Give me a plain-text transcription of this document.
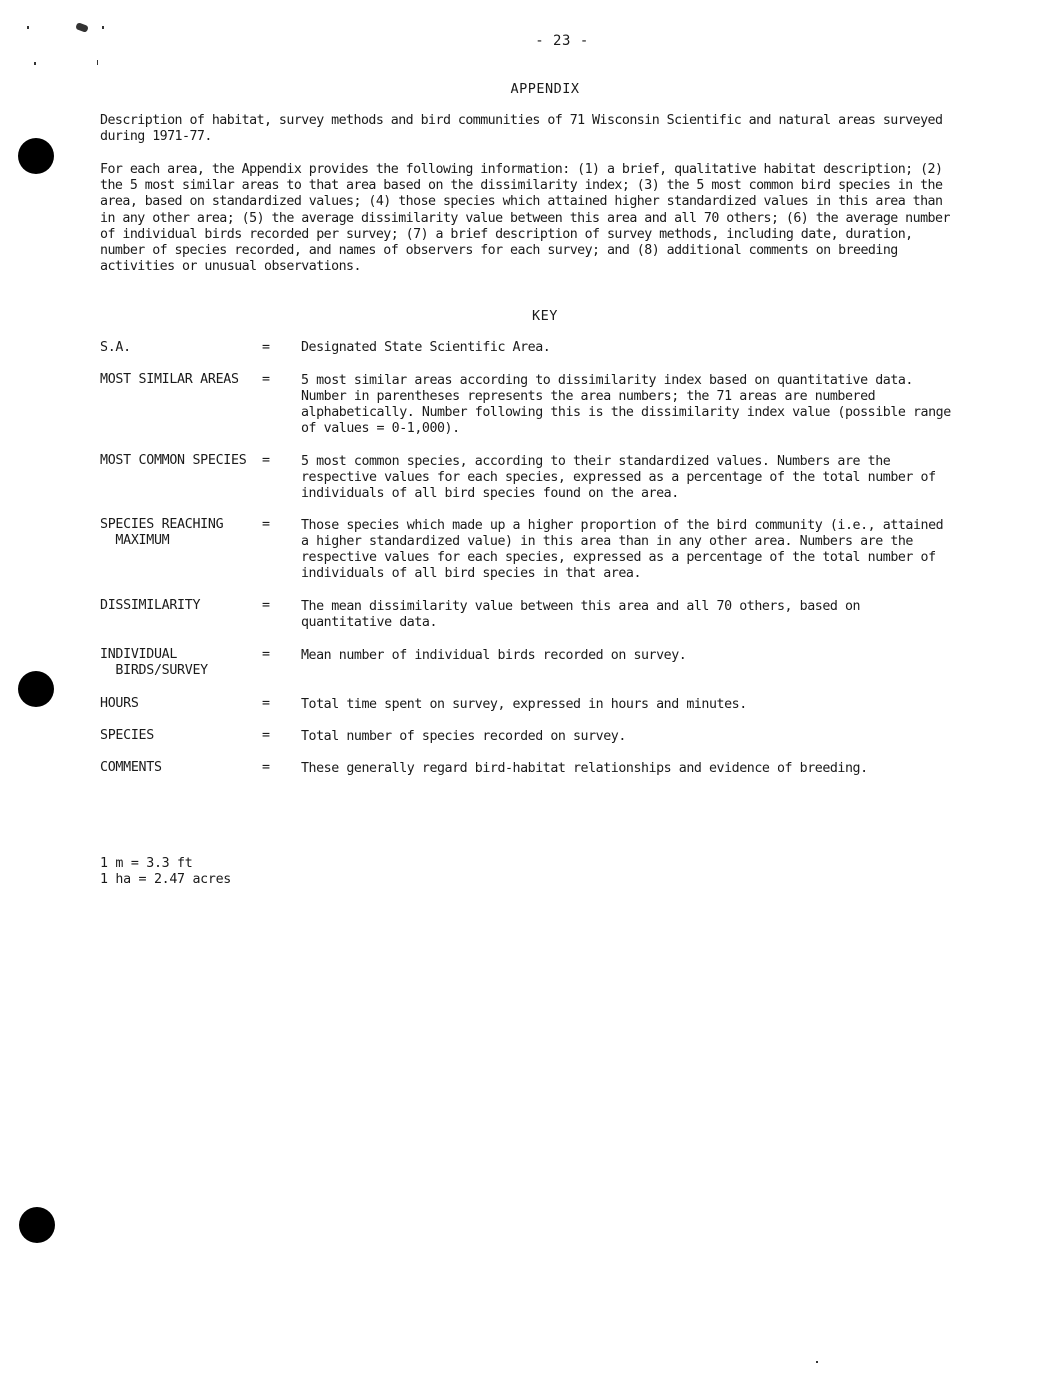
- 23 -
APPENDIX
Description of habitat, survey methods and bird communities of 71 Wisconsin Scientific and natural areas surveyed during 1971-77.
For each area, the Appendix provides the following information: (1) a brief, qualitative habitat description; (2) the 5 most similar areas to that area based on the dissimilarity index; (3) the 5 most common bird species in the area, based on standardized values; (4) those species which attained higher standardized values in this area than in any other area; (5) the average dissimilarity value between this area and all 70 others; (6) the average number of individual birds recorded per survey; (7) a brief description of survey methods, including date, duration, number of species recorded, and names of observers for each survey; and (8) additional comments on breeding activities or unusual observations.
KEY
S.A.	= Designated State Scientific Area.
MOST SIMILAR AREAS = 5 most similar areas according to dissimilarity index based on quantitative data. Number in parentheses represents the area numbers; the 71 areas are numbered alphabetically. Number following this is the dissimilarity index value (possible range of values = 0-1,000).
MOST COMMON SPECIES = 5 most common species, according to their standardized values. Numbers are the respective values for each species, expressed as a percentage of the total number of individuals of all bird species found on the area.
SPECIES REACHING
MAXIMUM
= Those species which made up a higher proportion of the bird community (i.e., attained a higher standardized value) in this area than in any other area. Numbers are the respective values for each species, expressed as a percentage of the total number of individuals of all bird species in that area.
DISSIMILARITY	= The mean dissimilarity value between this area and all 70 others, based on quantitative data.
INDIVIDUAL
BIRDS/SURVEY
= Mean number of individual birds recorded on survey.
HOURS	= Total time spent on survey, expressed in hours and minutes.
SPECIES	= Total number of species recorded on survey.
COMMENTS	= These generally regard bird-habitat relationships and evidence of breeding.
1 m = 3.3 ft
1 ha = 2.47 acres
